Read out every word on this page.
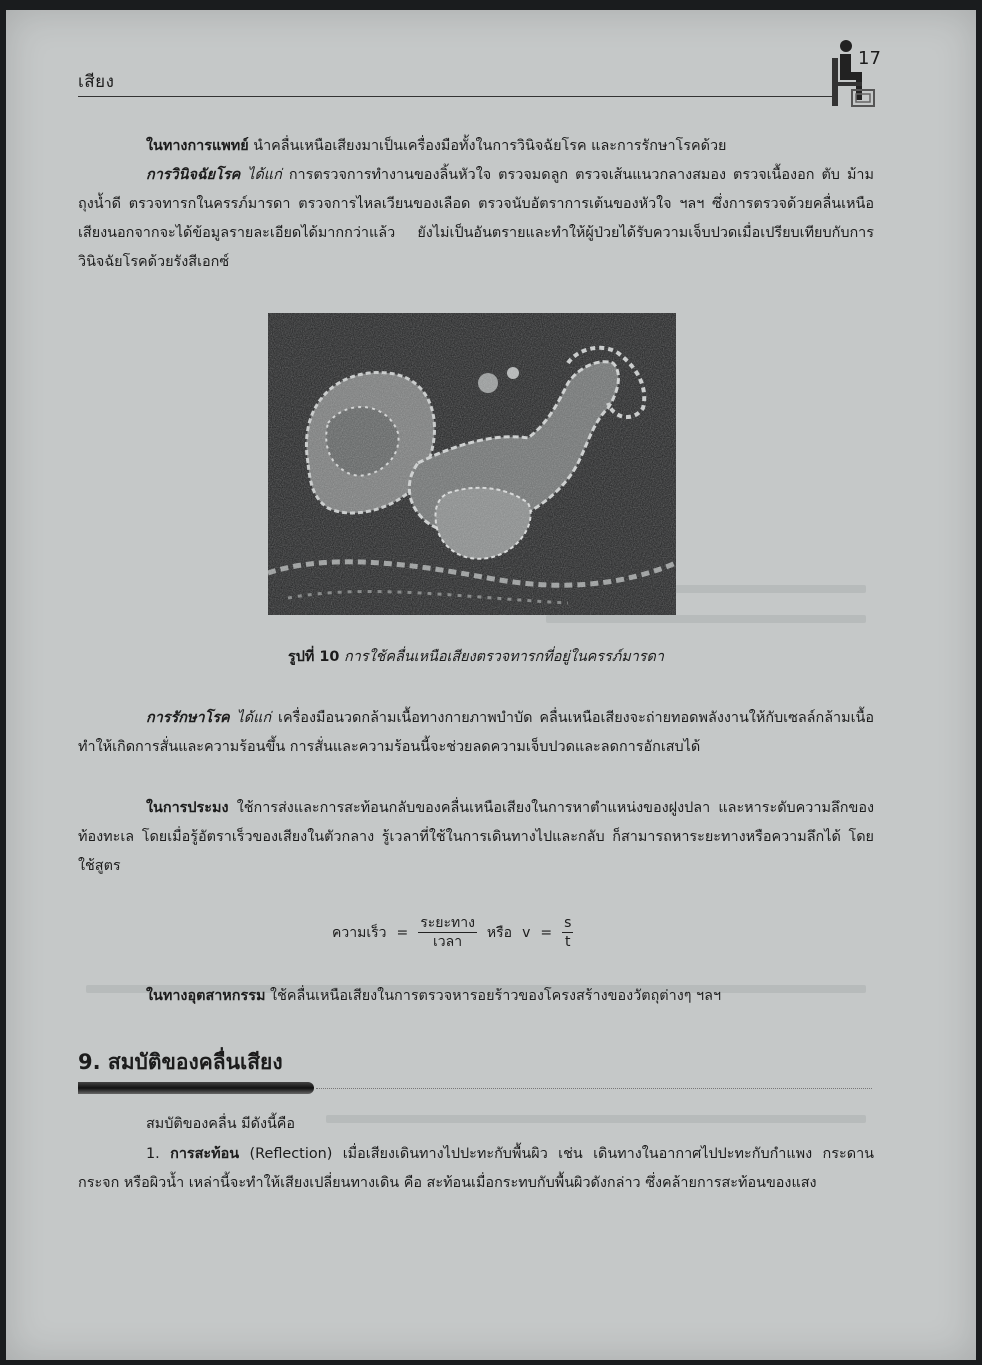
เสียง
17
ในทางการแพทย์ นำคลื่นเหนือเสียงมาเป็นเครื่องมือทั้งในการวินิจฉัยโรค และการรักษาโรคด้วย
การวินิจฉัยโรค ได้แก่ การตรวจการทำงานของลิ้นหัวใจ ตรวจมดลูก ตรวจเส้นแนวกลางสมอง ตรวจเนื้องอก ตับ ม้าม ถุงน้ำดี ตรวจทารกในครรภ์มารดา ตรวจการไหลเวียนของเลือด ตรวจนับอัตราการเต้นของหัวใจ ฯลฯ ซึ่งการตรวจด้วยคลื่นเหนือเสียงนอกจากจะได้ข้อมูลรายละเอียดได้มากกว่าแล้ว ยังไม่เป็นอันตรายและทำให้ผู้ป่วยได้รับความเจ็บปวดเมื่อเปรียบเทียบกับการวินิจฉัยโรคด้วยรังสีเอกซ์
รูปที่ 10 การใช้คลื่นเหนือเสียงตรวจทารกที่อยู่ในครรภ์มารดา
การรักษาโรค ได้แก่ เครื่องมือนวดกล้ามเนื้อทางกายภาพบำบัด คลื่นเหนือเสียงจะถ่ายทอดพลังงานให้กับเซลล์กล้ามเนื้อ ทำให้เกิดการสั่นและความร้อนขึ้น การสั่นและความร้อนนี้จะช่วยลดความเจ็บปวดและลดการอักเสบได้
ในการประมง ใช้การส่งและการสะท้อนกลับของคลื่นเหนือเสียงในการหาตำแหน่งของฝูงปลา และหาระดับความลึกของท้องทะเล โดยเมื่อรู้อัตราเร็วของเสียงในตัวกลาง รู้เวลาที่ใช้ในการเดินทางไปและกลับ ก็สามารถหาระยะทางหรือความลึกได้ โดยใช้สูตร
ความเร็ว = $\frac{\text{ระยะทาง}}{\text{เวลา}}$ หรือ $v = \frac{s}{t}$
ในทางอุตสาหกรรม ใช้คลื่นเหนือเสียงในการตรวจหารอยร้าวของโครงสร้างของวัตถุต่างๆ ฯลฯ
9. สมบัติของคลื่นเสียง
สมบัติของคลื่น มีดังนี้คือ
1. การสะท้อน (Reflection) เมื่อเสียงเดินทางไปปะทะกับพื้นผิว เช่น เดินทางในอากาศไปปะทะกับกำแพง กระดาน กระจก หรือผิวน้ำ เหล่านี้จะทำให้เสียงเปลี่ยนทางเดิน คือ สะท้อนเมื่อกระทบกับพื้นผิวดังกล่าว ซึ่งคล้ายการสะท้อนของแสง
